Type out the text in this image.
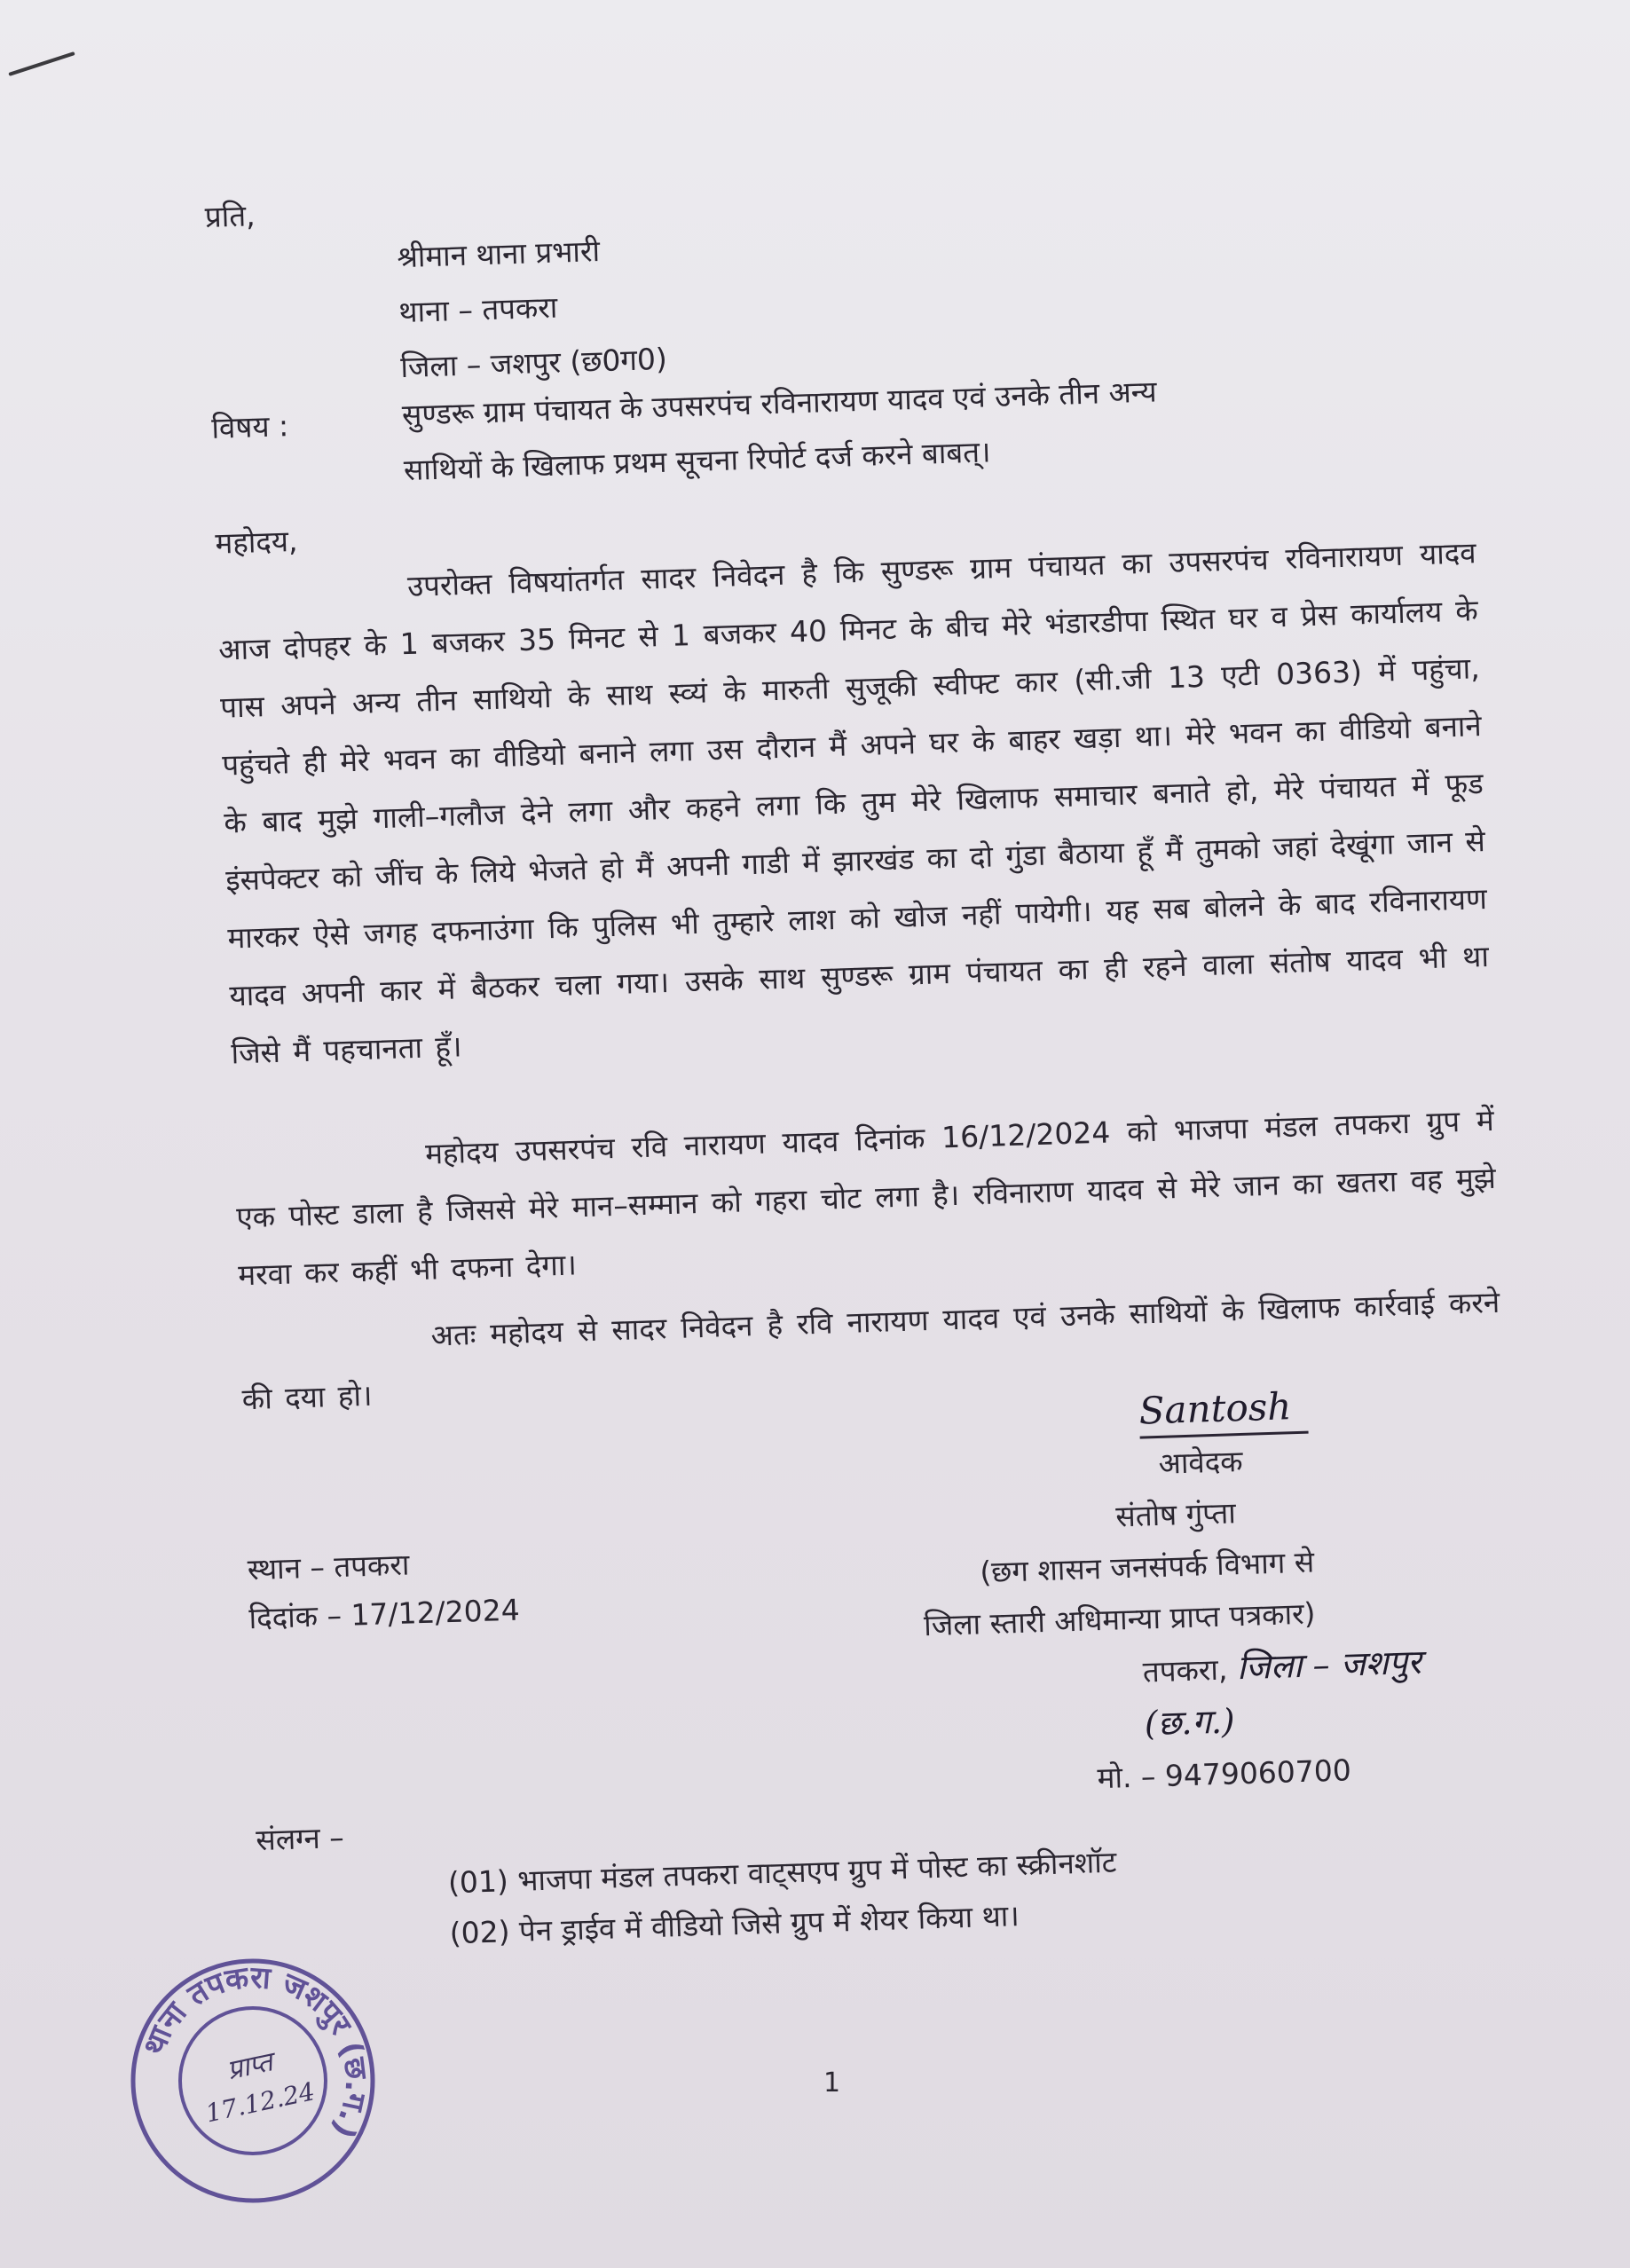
प्रति,
श्रीमान थाना प्रभारी
थाना – तपकरा
जिला – जशपुर (छ0ग0)
विषय :	सुण्डरू ग्राम पंचायत के उपसरपंच रविनारायण यादव एवं उनके तीन अन्य
साथियों के खिलाफ प्रथम सूचना रिपोर्ट दर्ज करने बाबत्।
महोदय,	उपरोक्त विषयांतर्गत सादर निवेदन है कि सुण्डरू ग्राम पंचायत का उपसरपंच रविनारायण यादव आज दोपहर के 1 बजकर 35 मिनट से 1 बजकर 40 मिनट के बीच मेरे भंडारडीपा स्थित घर व प्रेस कार्यालय के पास अपने अन्य तीन साथियो के साथ स्व्यं के मारुती सुजूकी स्वीफ्ट कार (सी.जी 13 एटी 0363) में पहुंचा, पहुंचते ही मेरे भवन का वीडियो बनाने लगा उस दौरान मैं अपने घर के बाहर खड़ा था। मेरे भवन का वीडियो बनाने के बाद मुझे गाली–गलौज देने लगा और कहने लगा कि तुम मेरे खिलाफ समाचार बनाते हो, मेरे पंचायत में फूड इंसपेक्टर को जींच के लिये भेजते हो मैं अपनी गाडी में झारखंड का दो गुंडा बैठाया हूँ मैं तुमको जहां देखूंगा जान से मारकर ऐसे जगह दफनाउंगा कि पुलिस भी तुम्हारे लाश को खोज नहीं पायेगी। यह सब बोलने के बाद रविनारायण यादव अपनी कार में बैठकर चला गया। उसके साथ सुण्डरू ग्राम पंचायत का ही रहने वाला संतोष यादव भी था जिसे मैं पहचानता हूँ।
महोदय उपसरपंच रवि नारायण यादव दिनांक 16/12/2024 को भाजपा मंडल तपकरा ग्रुप में एक पोस्ट डाला है जिससे मेरे मान–सम्मान को गहरा चोट लगा है। रविनाराण यादव से मेरे जान का खतरा वह मुझे मरवा कर कहीं भी दफना देगा।
अतः महोदय से सादर निवेदन है रवि नारायण यादव एवं उनके साथियों के खिलाफ कार्रवाई करने की दया हो।
स्थान – तपकरा
दिदांक – 17/12/2024
Santosh
आवेदक
संतोष गुंप्ता
(छग शासन जनसंपर्क विभाग से
जिला स्तारी अधिमान्या प्राप्त पत्रकार)
तपकरा, जिला – जशपुर (छ.ग.)
मो. – 9479060700
संलग्न –
(01) भाजपा मंडल तपकरा वाट्सएप ग्रुप में पोस्ट का स्क्रीनशॉट
(02) पेन ड्राईव में वीडियो जिसे ग्रुप में शेयर किया था।
थाना तपकरा जशपुर (छ.ग.)
प्राप्त
17.12.24	1
